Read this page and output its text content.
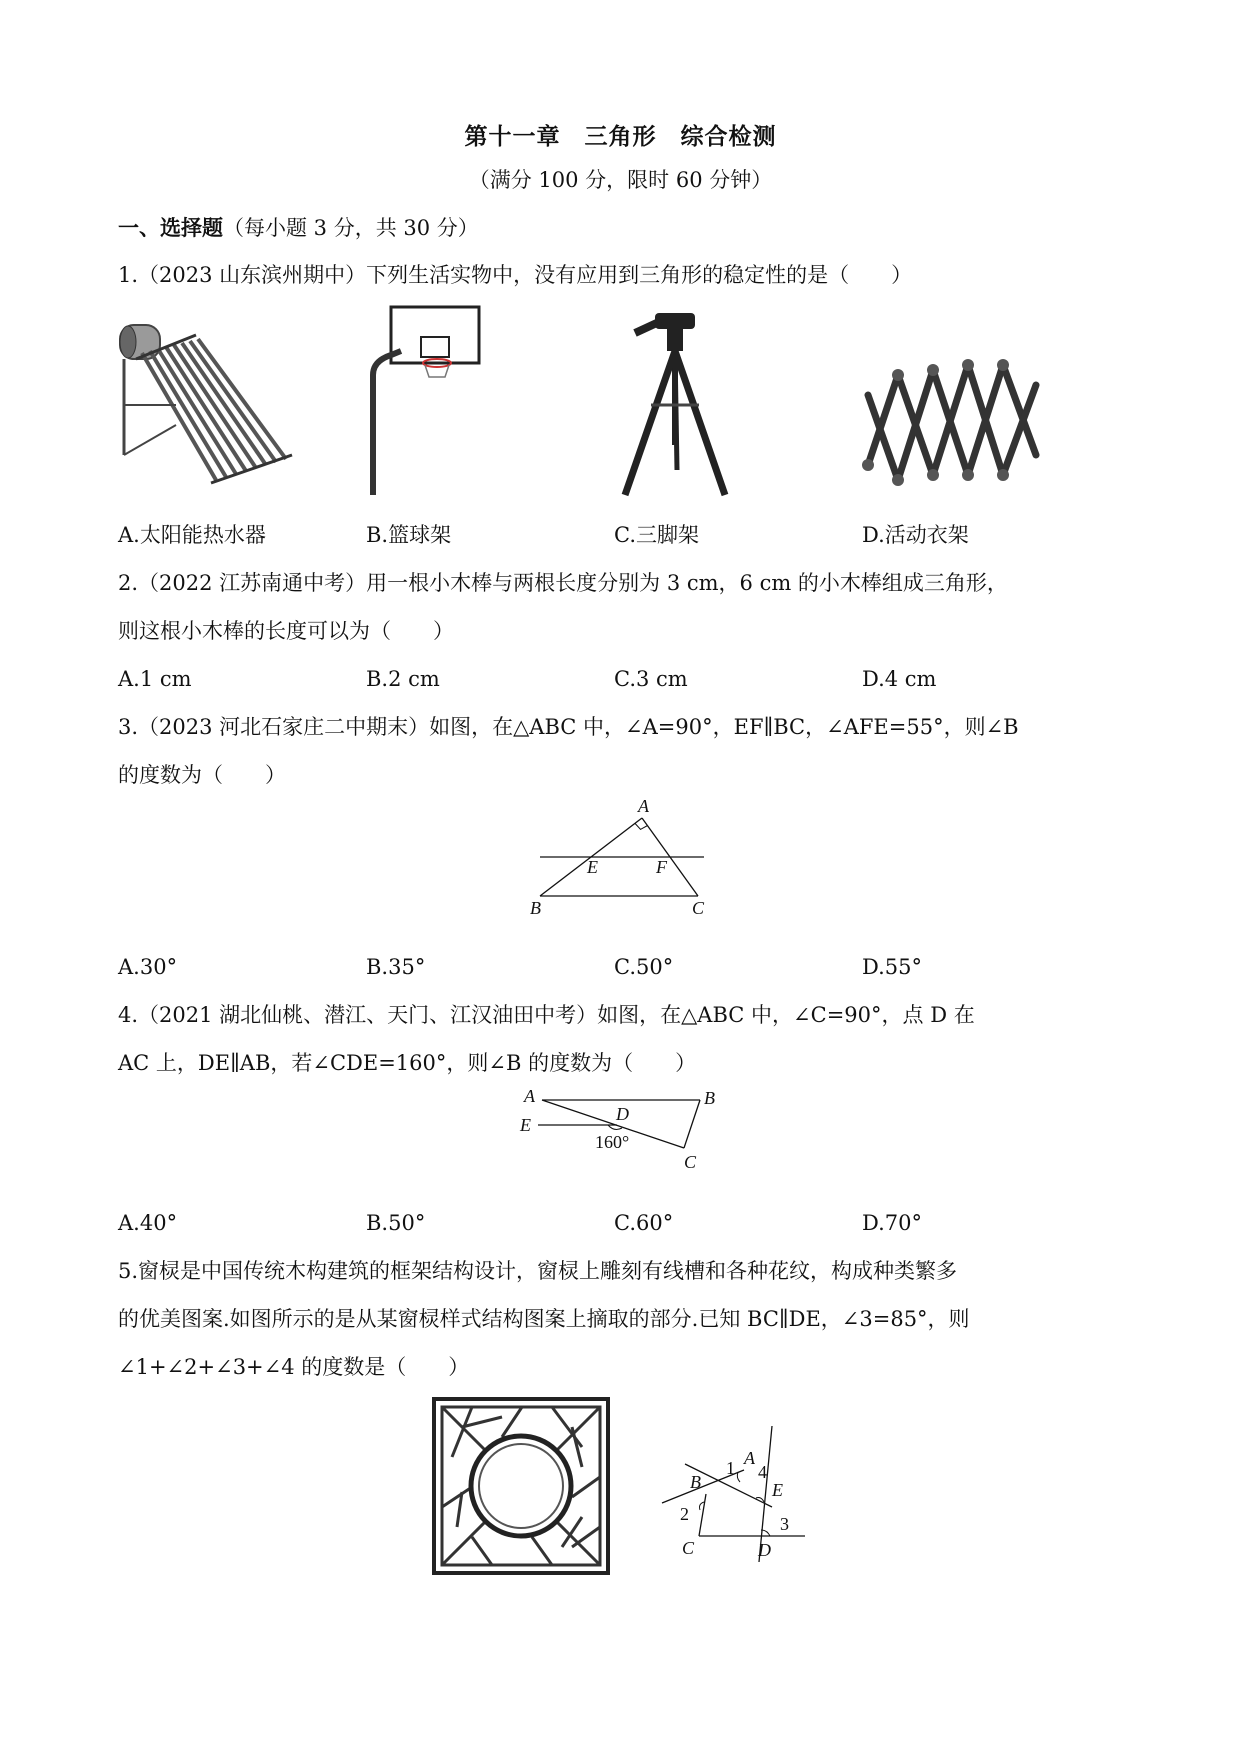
第十一章　三角形　综合检测
（满分 100 分，限时 60 分钟）
一、选择题（每小题 3 分，共 30 分）
1.（2023 山东滨州期中）下列生活实物中，没有应用到三角形的稳定性的是（　　）
A.太阳能热水器	B.篮球架	C.三脚架	D.活动衣架
2.（2022 江苏南通中考）用一根小木棒与两根长度分别为 3 cm，6 cm 的小木棒组成三角形，
则这根小木棒的长度可以为（　　）
A.1 cm	B.2 cm	C.3 cm	D.4 cm
3.（2023 河北石家庄二中期末）如图，在△ABC 中，∠A=90°，EF∥BC，∠AFE=55°，则∠B
的度数为（　　）
A
E	F
B	C
A.30°	B.35°	C.50°	D.55°
4.（2021 湖北仙桃、潜江、天门、江汉油田中考）如图，在△ABC 中，∠C=90°，点 D 在
AC 上，DE∥AB，若∠CDE=160°，则∠B 的度数为（　　）
A	B
D
E
160°
C
A.40°	B.50°	C.60°	D.70°
5.窗棂是中国传统木构建筑的框架结构设计，窗棂上雕刻有线槽和各种花纹，构成种类繁多
的优美图案.如图所示的是从某窗棂样式结构图案上摘取的部分.已知 BC∥DE，∠3=85°，则
∠1+∠2+∠3+∠4 的度数是（　　）
A
1 4
B	E
2
C	D
3
